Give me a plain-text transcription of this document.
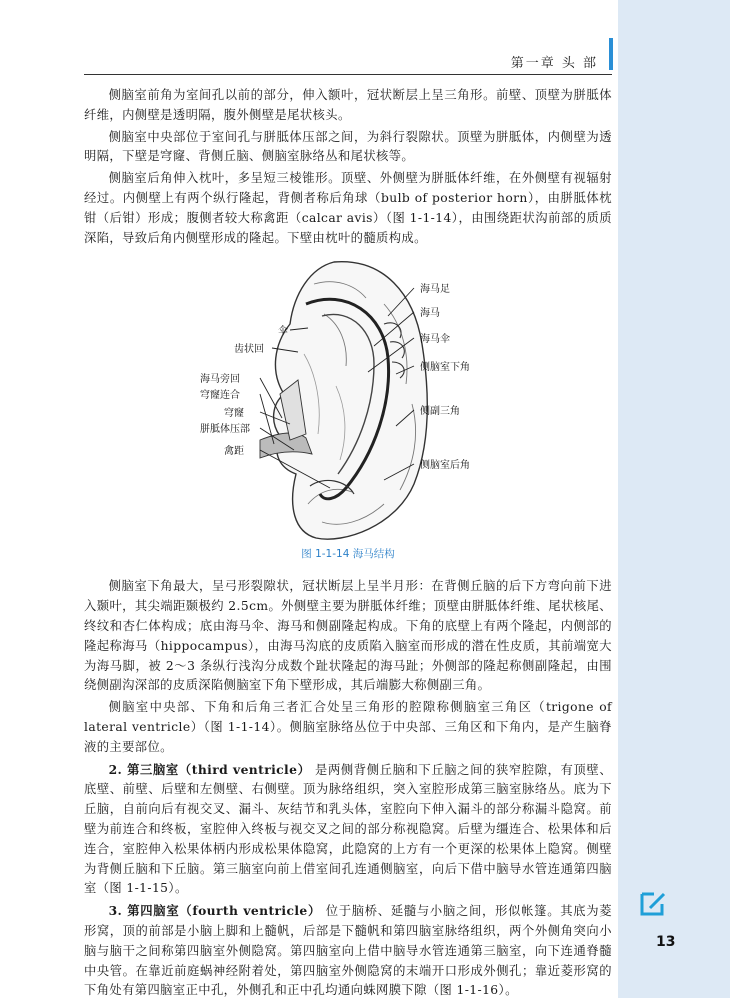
第一章 头 部

侧脑室前角为室间孔以前的部分，伸入额叶，冠状断层上呈三角形。前壁、顶壁为胼胝体纤维，内侧壁是透明隔，腹外侧壁是尾状核头。

侧脑室中央部位于室间孔与胼胝体压部之间，为斜行裂隙状。顶壁为胼胝体，内侧壁为透明隔，下壁是穹窿、背侧丘脑、侧脑室脉络丛和尾状核等。

侧脑室后角伸入枕叶，多呈短三棱锥形。顶壁、外侧壁为胼胝体纤维，在外侧壁有视辐射经过。内侧壁上有两个纵行隆起，背侧者称后角球（bulb of posterior horn），由胼胝体枕钳（后钳）形成；腹侧者较大称禽距（calcar avis）（图 1-1-14），由围绕距状沟前部的质质深陷，导致后角内侧壁形成的隆起。下壁由枕叶的髓质构成。

海马足
伞
海马
齿状回
海马伞
海马旁回
侧脑室下角
穹窿连合
侧副三角
穹窿
胼胝体压部
禽距
侧脑室后角
图 1-1-14 海马结构

侧脑室下角最大，呈弓形裂隙状，冠状断层上呈半月形：在背侧丘脑的后下方弯向前下进入颞叶，其尖端距颞极约 2.5cm。外侧壁主要为胼胝体纤维；顶壁由胼胝体纤维、尾状核尾、终纹和杏仁体构成；底由海马伞、海马和侧副隆起构成。下角的底壁上有两个隆起，内侧部的隆起称海马（hippocampus），由海马沟底的皮质陷入脑室而形成的潜在性皮质，其前端宽大为海马脚，被 2～3 条纵行浅沟分成数个趾状隆起的海马趾；外侧部的隆起称侧副隆起，由围绕侧副沟深部的皮质深陷侧脑室下角下壁形成，其后端膨大称侧副三角。

侧脑室中央部、下角和后角三者汇合处呈三角形的腔隙称侧脑室三角区（trigone of lateral ventricle）（图 1-1-14）。侧脑室脉络丛位于中央部、三角区和下角内，是产生脑脊液的主要部位。

2. 第三脑室（third ventricle） 是两侧背侧丘脑和下丘脑之间的狭窄腔隙，有顶壁、底壁、前壁、后壁和左侧壁、右侧壁。顶为脉络组织，突入室腔形成第三脑室脉络丛。底为下丘脑，自前向后有视交叉、漏斗、灰结节和乳头体，室腔向下伸入漏斗的部分称漏斗隐窝。前壁为前连合和终板，室腔伸入终板与视交叉之间的部分称视隐窝。后壁为缰连合、松果体和后连合，室腔伸入松果体柄内形成松果体隐窝，此隐窝的上方有一个更深的松果体上隐窝。侧壁为背侧丘脑和下丘脑。第三脑室向前上借室间孔连通侧脑室，向后下借中脑导水管连通第四脑室（图 1-1-15）。

3. 第四脑室（fourth ventricle） 位于脑桥、延髓与小脑之间，形似帐篷。其底为菱形窝，顶的前部是小脑上脚和上髓帆，后部是下髓帆和第四脑室脉络组织，两个外侧角突向小脑与脑干之间称第四脑室外侧隐窝。第四脑室向上借中脑导水管连通第三脑室，向下连通脊髓中央管。在靠近前庭蜗神经附着处，第四脑室外侧隐窝的末端开口形成外侧孔；靠近菱形窝的下角处有第四脑室正中孔，外侧孔和正中孔均通向蛛网膜下隙（图 1-1-16）。

13
